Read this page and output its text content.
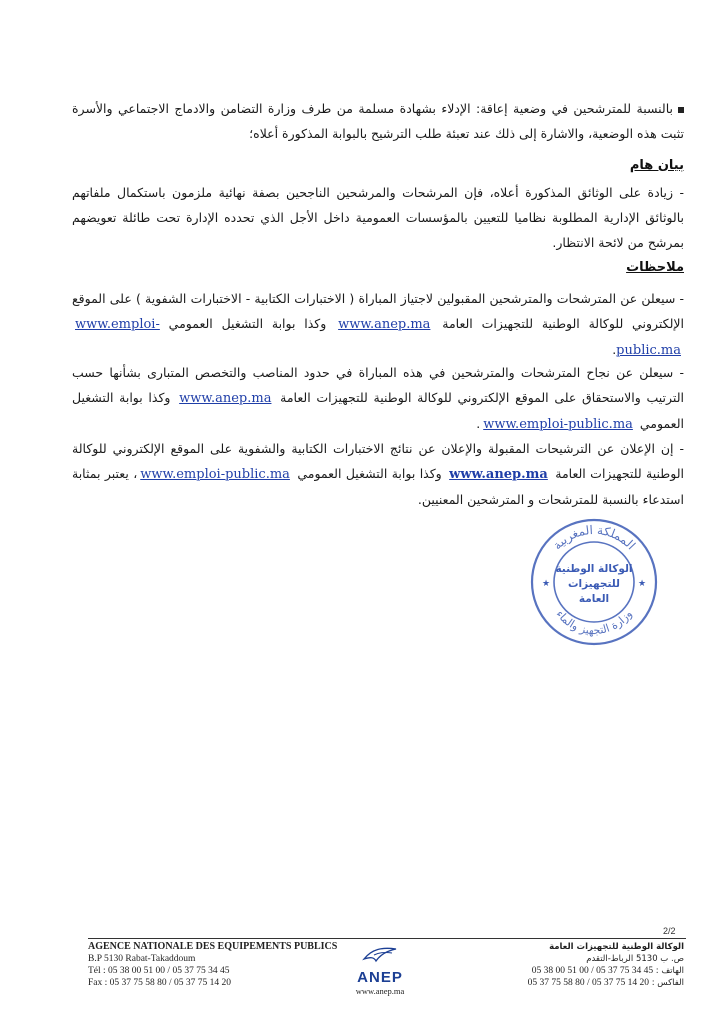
بالنسبة للمترشحين في وضعية إعاقة: الإدلاء بشهادة مسلمة من طرف وزارة التضامن والادماج الاجتماعي والأسرة تثبت هذه الوضعية، والاشارة إلى ذلك عند تعبئة طلب الترشيح بالبوابة المذكورة أعلاه؛
بيان هام
- زيادة على الوثائق المذكورة أعلاه، فإن المرشحات والمرشحين الناجحين بصفة نهائية ملزمون باستكمال ملفاتهم بالوثائق الإدارية المطلوبة نظاميا للتعيين بالمؤسسات العمومية داخل الأجل الذي تحدده الإدارة تحت طائلة تعويضهم بمرشح من لائحة الانتظار.
ملاحظات
- سيعلن عن المترشحات والمترشحين المقبولين لاجتياز المباراة ( الاختبارات الكتابية - الاختبارات الشفوية ) على الموقع الإلكتروني للوكالة الوطنية للتجهيزات العامة www.anep.ma وكذا بوابة التشغيل العمومي www.emploi-public.ma.
- سيعلن عن نجاح المترشحات والمترشحين في هذه المباراة في حدود المناصب والتخصص المتبارى بشأنها حسب الترتيب والاستحقاق على الموقع الإلكتروني للوكالة الوطنية للتجهيزات العامة www.anep.ma وكذا بوابة التشغيل العمومي www.emploi-public.ma.
- إن الإعلان عن الترشيحات المقبولة والإعلان عن نتائج الاختبارات الكتابية والشفوية على الموقع الإلكتروني للوكالة الوطنية للتجهيزات العامة www.anep.ma وكذا بوابة التشغيل العمومي www.emploi-public.ma، يعتبر بمثابة استدعاء بالنسبة للمترشحات و المترشحين المعنيين.
المملكة المغربية
وزارة التجهيز والماء
★	★
الوكالة الوطنية
للتجهيزات
العامة
2/2
AGENCE NATIONALE DES EQUIPEMENTS PUBLICS
B.P 5130 Rabat-Takaddoum
Tél : 05 38 00 51 00 / 05 37 75 34 45
Fax : 05 37 75 58 80 / 05 37 75 14 20	ANEP
www.anep.ma
الوكالة الوطنية للتجهيزات العامة
ص. ب 5130 الرباط-التقدم
الهاتف : 05 38 00 51 00 / 05 37 75 34 45
الفاكس : 05 37 75 58 80 / 05 37 75 14 20
